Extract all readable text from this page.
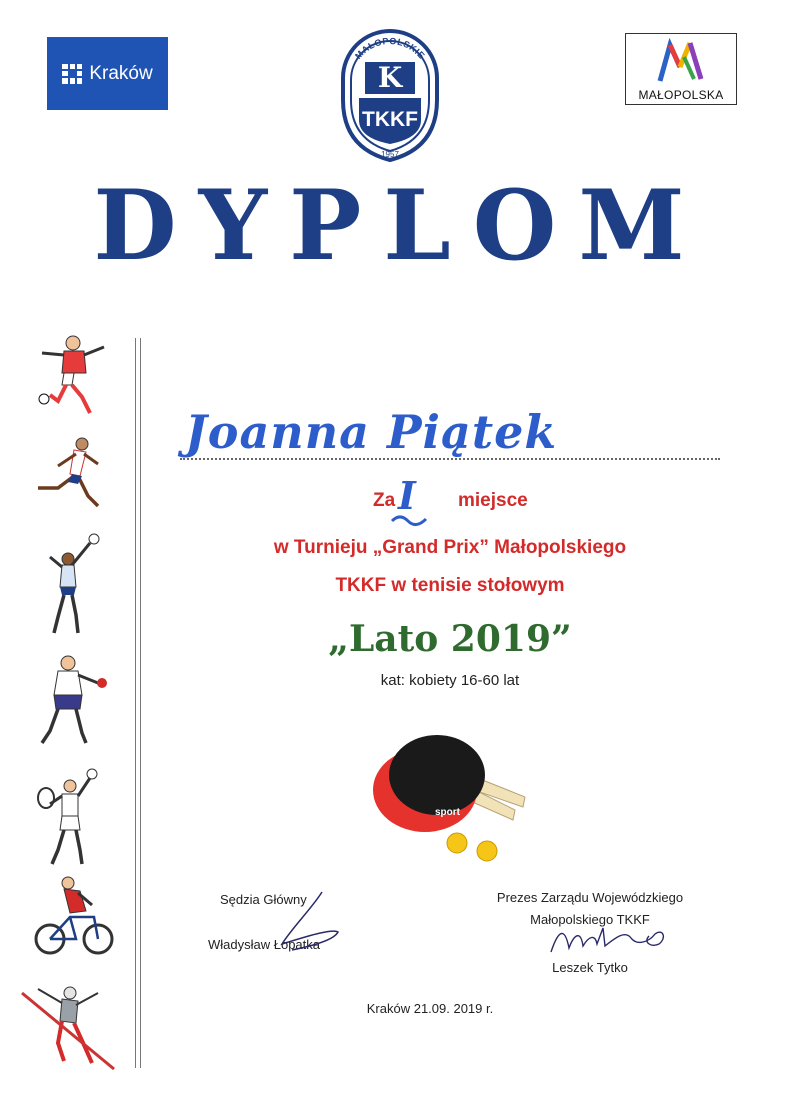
Kraków
MAŁOPOLSKIE
K
TKKF
1957
MAŁOPOLSKA
DYPLOM
Joanna Piątek
Za I miejsce
w Turnieju „Grand Prix” Małopolskiego
TKKF w tenisie stołowym
„Lato 2019”
kat: kobiety 16-60 lat
sport
Sędzia Główny
Władysław Łopatka
Prezes Zarządu Wojewódzkiego
Małopolskiego TKKF
Leszek Tytko
Kraków 21.09. 2019 r.
